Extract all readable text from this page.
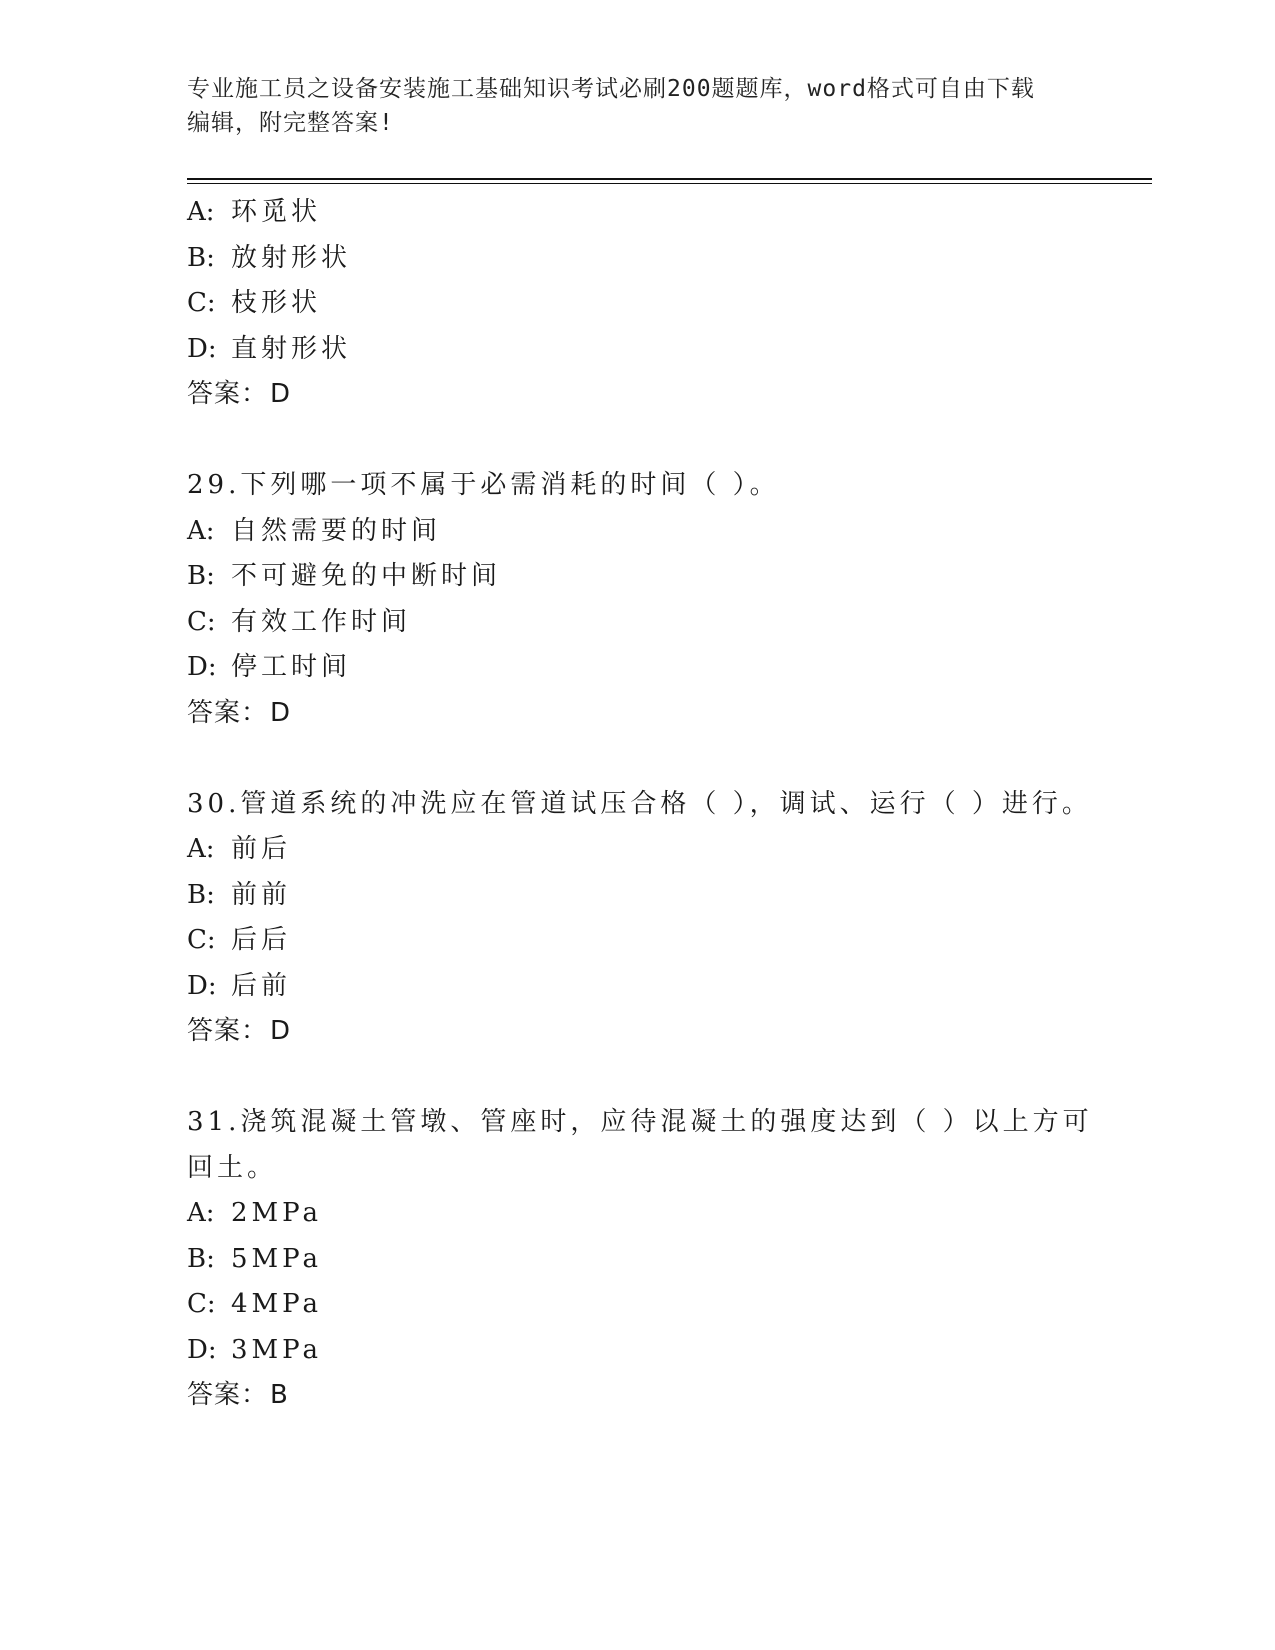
专业施工员之设备安装施工基础知识考试必刷200题题库，word格式可自由下载
编辑，附完整答案!
A: 环觅状
B: 放射形状
C: 枝形状
D: 直射形状
答案：D
29.下列哪一项不属于必需消耗的时间（ ）。
A: 自然需要的时间
B: 不可避免的中断时间
C: 有效工作时间
D: 停工时间
答案：D
30.管道系统的冲洗应在管道试压合格（ ），调试、运行（ ）进行。
A: 前后
B: 前前
C: 后后
D: 后前
答案：D
31.浇筑混凝土管墩、管座时，应待混凝土的强度达到（ ）以上方可
回土。
A: 2MPa
B: 5MPa
C: 4MPa
D: 3MPa
答案：B
